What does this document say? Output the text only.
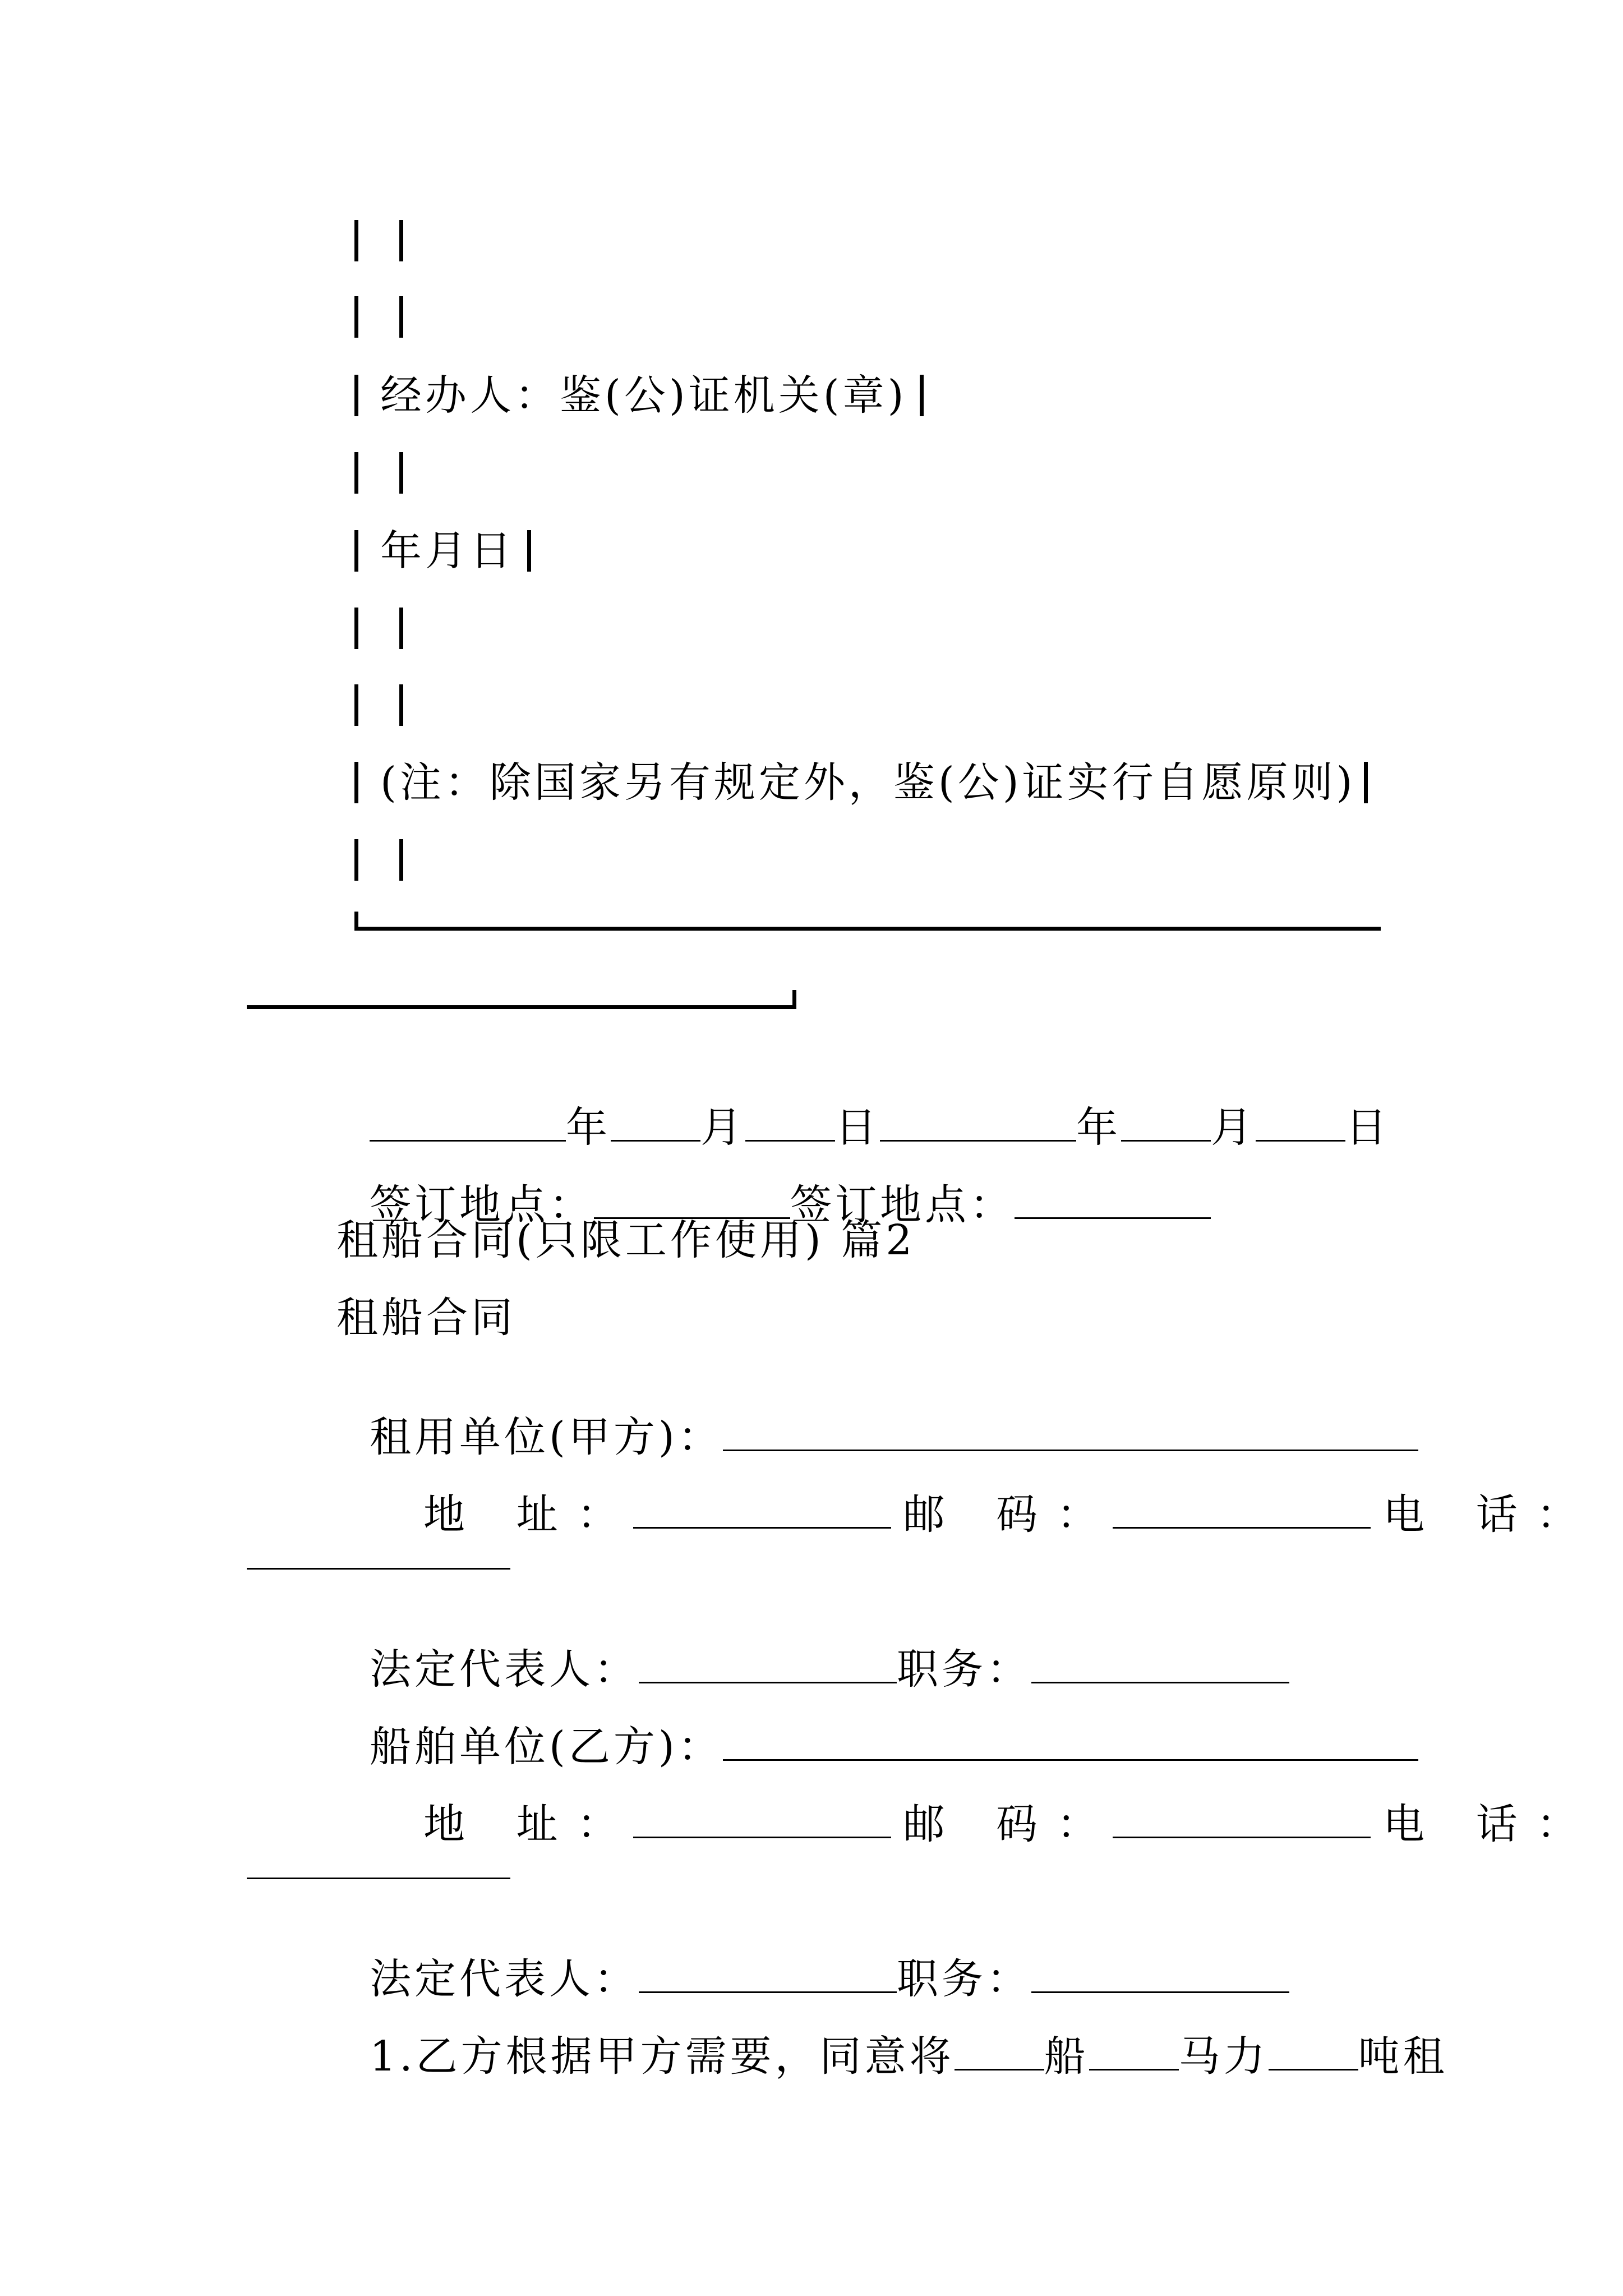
经办人：鉴(公)证机关(章)
年月日
(注：除国家另有规定外，鉴(公)证实行自愿原则)

年 月 日	年 月 日

签订地点：	签订地点：

租船合同(只限工作使用) 篇2
租船合同

租用单位(甲方)：

地 址：	邮 码：	电 话：

法定代表人：	职务：

船舶单位(乙方)：

地 址：	邮 码：	电 话：

法定代表人：	职务：

1.乙方根据甲方需要，同意将 船 马力 吨租
